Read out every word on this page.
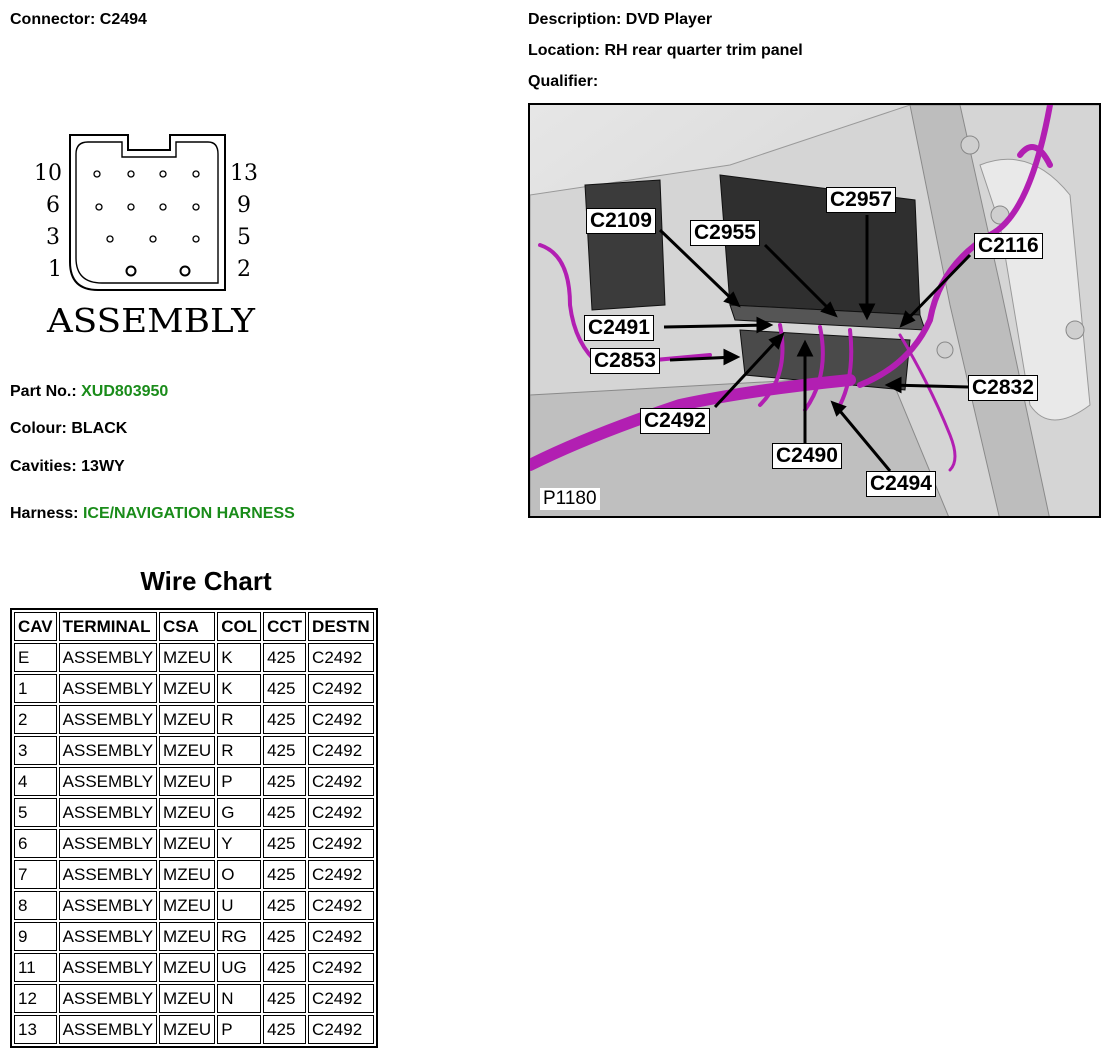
Connector: C2494	Description: DVD Player
Location: RH rear quarter trim panel
Qualifier:
10
6
3
1
13
9
5
2
ASSEMBLY
Part No.: XUD803950
Colour: BLACK
Cavities: 13WY
Harness: ICE/NAVIGATION HARNESS
Wire Chart
CAV	TERMINAL	CSA	COL	CCT	DESTN
E	ASSEMBLY	MZEU	K	425	C2492
1	ASSEMBLY	MZEU	K	425	C2492
2	ASSEMBLY	MZEU	R	425	C2492
3	ASSEMBLY	MZEU	R	425	C2492
4	ASSEMBLY	MZEU	P	425	C2492
5	ASSEMBLY	MZEU	G	425	C2492
6	ASSEMBLY	MZEU	Y	425	C2492
7	ASSEMBLY	MZEU	O	425	C2492
8	ASSEMBLY	MZEU	U	425	C2492
9	ASSEMBLY	MZEU	RG	425	C2492
11	ASSEMBLY	MZEU	UG	425	C2492
12	ASSEMBLY	MZEU	N	425	C2492
13	ASSEMBLY	MZEU	P	425	C2492
C2109
C2955
C2957
C2116
C2491
C2853
C2832
C2492
C2490
C2494
P1180
